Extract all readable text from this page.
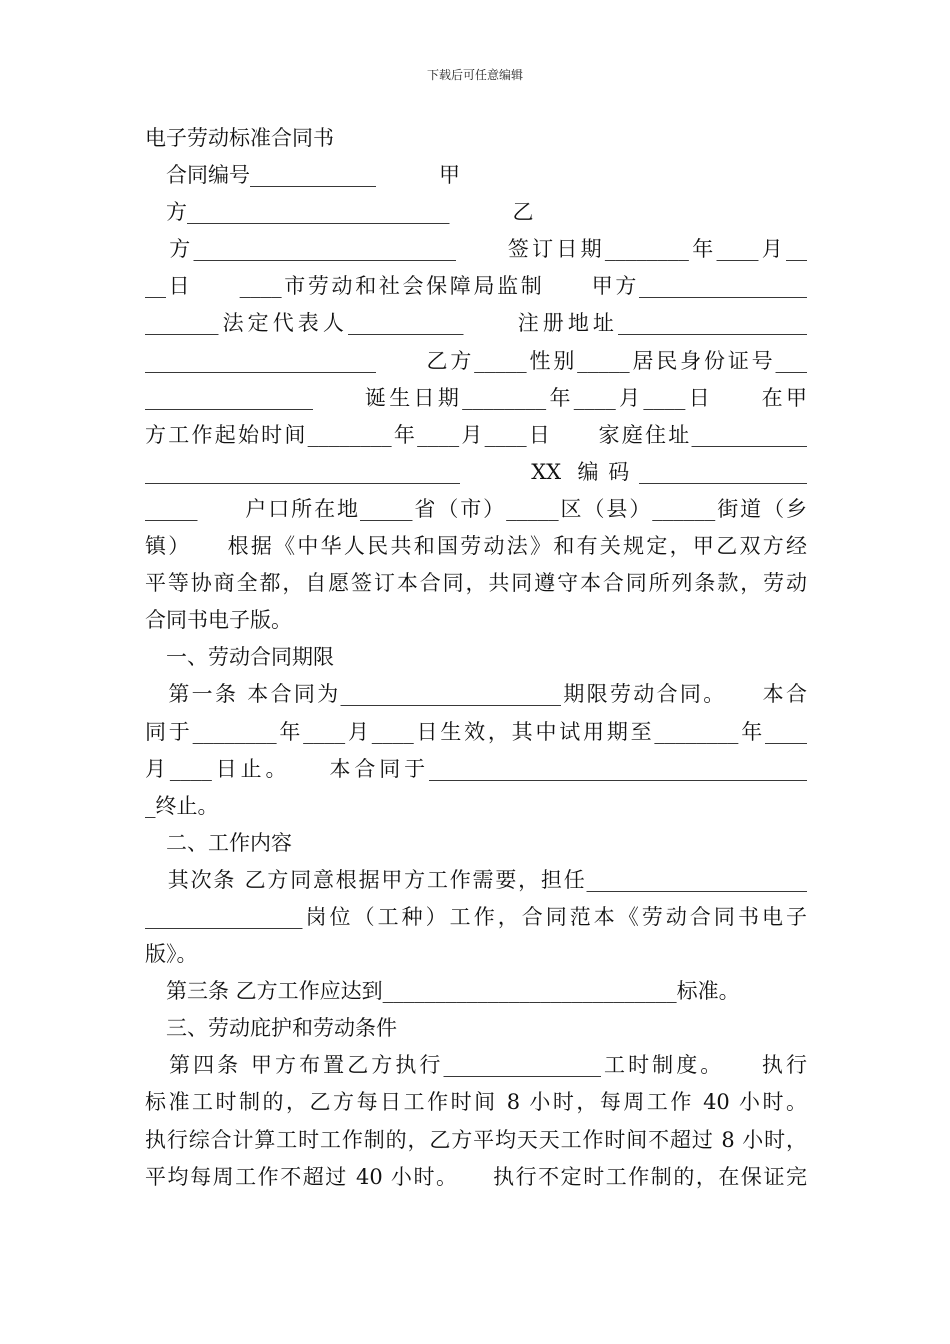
下载后可任意编辑
电子劳动标准合同书
　合同编号____________　　　甲
　方_________________________　　　乙
　方_________________________　　签订日期________年____月__
__日　　____市劳动和社会保障局监制　　甲方________________
_______法定代表人___________　　注册地址__________________
______________________　　乙方_____性别_____居民身份证号___
________________　　诞生日期________年____月____日　　在甲
方工作起始时间________年____月____日　　家庭住址___________
______________________________　　XX 编码________________
_____　　户口所在地_____省（市）_____区（县）______街道（乡
镇）　　根据《中华人民共和国劳动法》和有关规定，甲乙双方经
平等协商全都，自愿签订本合同，共同遵守本合同所列条款，劳动
合同书电子版。
　一、劳动合同期限
　第一条 本合同为_____________________期限劳动合同。　　本合
同于________年____月____日生效，其中试用期至________年____
月____日止。　　本合同于____________________________________
_终止。
　二、工作内容
　其次条 乙方同意根据甲方工作需要，担任_____________________
_______________岗位（工种）工作，合同范本《劳动合同书电子
版》。
　第三条 乙方工作应达到____________________________标准。
　三、劳动庇护和劳动条件
　第四条 甲方布置乙方执行_______________工时制度。　　执行
标准工时制的，乙方每日工作时间 8 小时，每周工作 40 小时。
执行综合计算工时工作制的，乙方平均天天工作时间不超过 8 小时，
平均每周工作不超过 40 小时。　　执行不定时工作制的，在保证完
